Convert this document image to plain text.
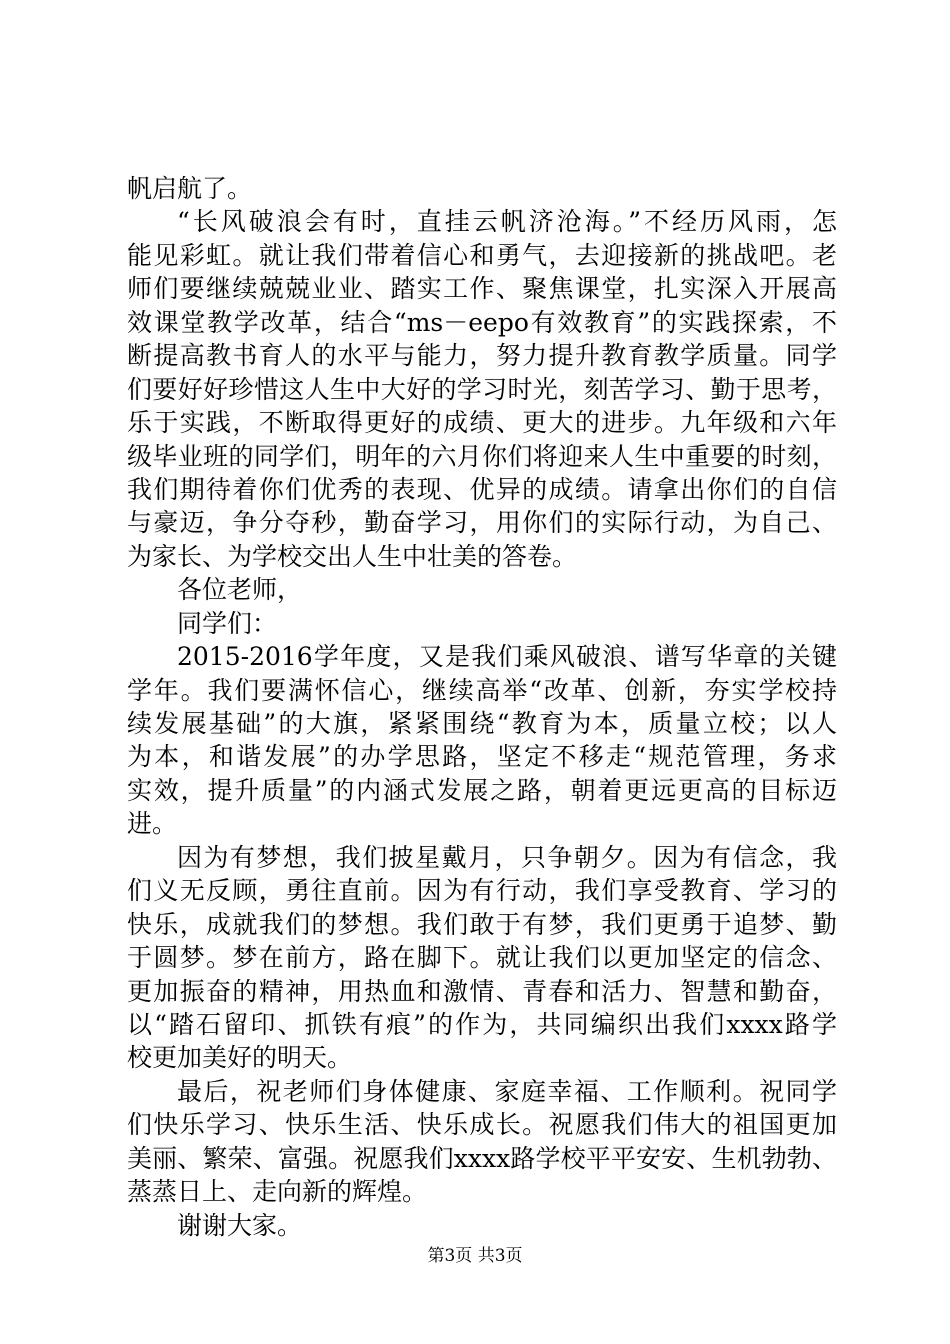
帆启航了。
“长风破浪会有时，直挂云帆济沧海。”不经历风雨，怎
能见彩虹。就让我们带着信心和勇气，去迎接新的挑战吧。老
师们要继续兢兢业业、踏实工作、聚焦课堂，扎实深入开展高
效课堂教学改革，结合“ms－eepo有效教育”的实践探索，不
断提高教书育人的水平与能力，努力提升教育教学质量。同学
们要好好珍惜这人生中大好的学习时光，刻苦学习、勤于思考，
乐于实践，不断取得更好的成绩、更大的进步。九年级和六年
级毕业班的同学们，明年的六月你们将迎来人生中重要的时刻，
我们期待着你们优秀的表现、优异的成绩。请拿出你们的自信
与豪迈，争分夺秒，勤奋学习，用你们的实际行动，为自己、
为家长、为学校交出人生中壮美的答卷。
各位老师，
同学们：
2015-2016学年度，又是我们乘风破浪、谱写华章的关键
学年。我们要满怀信心，继续高举“改革、创新，夯实学校持
续发展基础”的大旗，紧紧围绕“教育为本，质量立校；以人
为本，和谐发展”的办学思路，坚定不移走“规范管理，务求
实效，提升质量”的内涵式发展之路，朝着更远更高的目标迈
进。
因为有梦想，我们披星戴月，只争朝夕。因为有信念，我
们义无反顾，勇往直前。因为有行动，我们享受教育、学习的
快乐，成就我们的梦想。我们敢于有梦，我们更勇于追梦、勤
于圆梦。梦在前方，路在脚下。就让我们以更加坚定的信念、
更加振奋的精神，用热血和激情、青春和活力、智慧和勤奋，
以“踏石留印、抓铁有痕”的作为，共同编织出我们xxxx路学
校更加美好的明天。
最后，祝老师们身体健康、家庭幸福、工作顺利。祝同学
们快乐学习、快乐生活、快乐成长。祝愿我们伟大的祖国更加
美丽、繁荣、富强。祝愿我们xxxx路学校平平安安、生机勃勃、
蒸蒸日上、走向新的辉煌。
谢谢大家。
第3页 共3页
